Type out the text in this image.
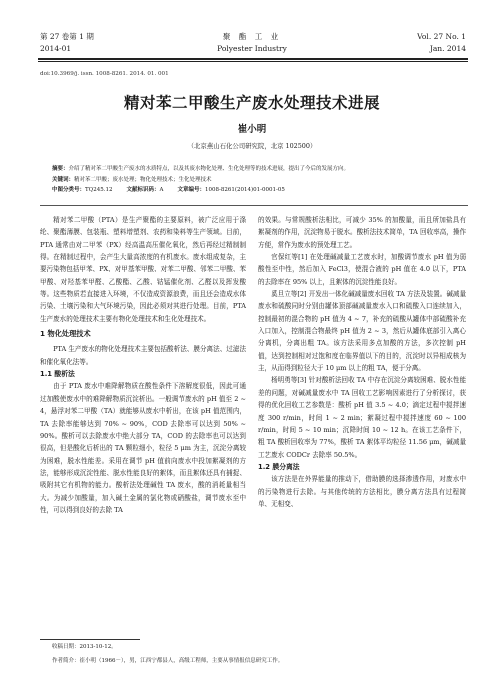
第 27 卷第 1 期
2014-01
聚 酯 工 业
Polyester Industry
Vol. 27 No. 1
Jan. 2014
doi:10.3969/j. issn. 1008-8261. 2014. 01. 001
精对苯二甲酸生产废水处理技术进展
崔小明
（北京燕山石化公司研究院，北京 102500）
摘要：介绍了精对苯二甲酸生产废水的水质特点，以及其废水物化处理、生化处理等的技术进展，提出了今后的发展方向。
关键词：精对苯二甲酸；废水处理；物化处理技术；生化处理技术
中图分类号：TQ245.12	文献标识码：A	文章编号：1008-8261(2014)01-0001-05

精对苯二甲酸（PTA）是生产聚酯的主要原料，被广泛应用于涤纶、聚酯薄膜、包装瓶、塑料增塑剂、农药和染料等生产领域。目前，PTA 通常由对二甲苯（PX）经高温高压催化氧化，然后再经过精制制得。在精制过程中，会产生大量高浓度的有机废水。废水组成复杂，主要污染物包括甲苯、PX、对甲基苯甲酸、对苯二甲酸、邻苯二甲酸、苯甲酸、对羟基苯甲醛、乙酸酯、乙酸、钴锰催化剂、乙醛以及挥发酸等。这些物质若直接进入环境，不仅造成资源浪费，而且还会造成水体污染、土壤污染和大气环境污染，因此必须对其进行处理。目前，PTA 生产废水的处理技术主要有物化处理技术和生化处理技术。

1 物化处理技术

PTA 生产废水的物化处理技术主要包括酸析法、膜分离法、过滤法和催化氧化法等。

1.1 酸析法

由于 PTA 废水中难降解物质在酸性条件下溶解度很低，因此可通过加酸使废水中的难降解物质沉淀析出。一般调节废水的 pH 值至 2 ~ 4，悬浮对苯二甲酸（TA）就能够从废水中析出，在该 pH 值范围内，TA 去除率能够达到 70% ~ 90%，COD 去除率可以达到 50% ~ 90%。酸析可以去除废水中绝大部分 TA，COD 的去除率也可以达到很高，但是酸化后析出的 TA 颗粒细小，粒径 5 μm 为主，沉淀分离较为困难，脱水性能差。采用在调节 pH 值前向废水中投加絮凝剂的方法，能够形成沉淀性能、脱水性能良好的絮体，而且絮体还具有捕捉、吸附其它有机物的能力。酸析法处理碱性 TA 废水，酸的消耗量相当大。为减少加酸量，加入碱土金属的氯化物或硝酸盐，调节废水至中性，可以得到良好的去除 TA

的效果。与常规酸析法相比，可减少 35% 的加酸量，而且所加盐具有絮凝剂的作用，沉淀物易于脱水。酸析法技术简单，TA 回收率高，操作方便，常作为废水的预处理工艺。

官保红等[1] 在处理碱减量工艺废水时，加酸调节废水 pH 值为弱酸性至中性，然后加入 FeCl3，使混合液的 pH 值在 4.0 以下，PTA 的去除率在 95% 以上，且絮体的沉淀性能良好。

奚旦立等[2] 开发出一体化碱减量废水回收 TA 方法及装置。碱减量废水和硫酸同时分别由罐体顶部碱减量废水入口和硫酸入口连续加入，控制最初的混合物的 pH 值为 4 ~ 7，补充的硫酸从罐体中部硫酸补充入口加入，控制混合物最终 pH 值为 2 ~ 3，然后从罐体底部引入离心分离机，分离出粗 TA。该方法采用多点加酸的方法，多次控制 pH 值，达到控制相对过饱和度在临界值以下的目的，沉淀时以异相成核为主，从而得到粒径大于 10 μm 以上的粗 TA，便于分离。

杨明勇等[3] 针对酸析法回收 TA 中存在沉淀分离较困难、脱水性能差的问题，对碱减量废水中 TA 回收工艺影响因素进行了分析探讨，获得的优化回收工艺参数是：酸析 pH 值 3.5 ~ 4.0；滴定过程中搅拌速度 300 r/min，时间 1 ~ 2 min；絮凝过程中搅拌速度 60 ~ 100 r/min，时间 5 ~ 10 min；沉降时间 10 ~ 12 h。在该工艺条件下，粗 TA 酸析回收率为 77%，酸析 TA 絮体平均粒径 11.56 μm，碱减量工艺废水 CODCr 去除率 50.5%。

1.2 膜分离法

该方法是在外界能量的推动下，借助膜的选择渗透作用，对废水中的污染物进行去除。与其他传统的方法相比，膜分离方法具有过程简单、无相变、

收稿日期：2013-10-12。
作者简介：崔小明（1966－），男，江西宁都县人，高级工程师，主要从事情报信息研究工作。
